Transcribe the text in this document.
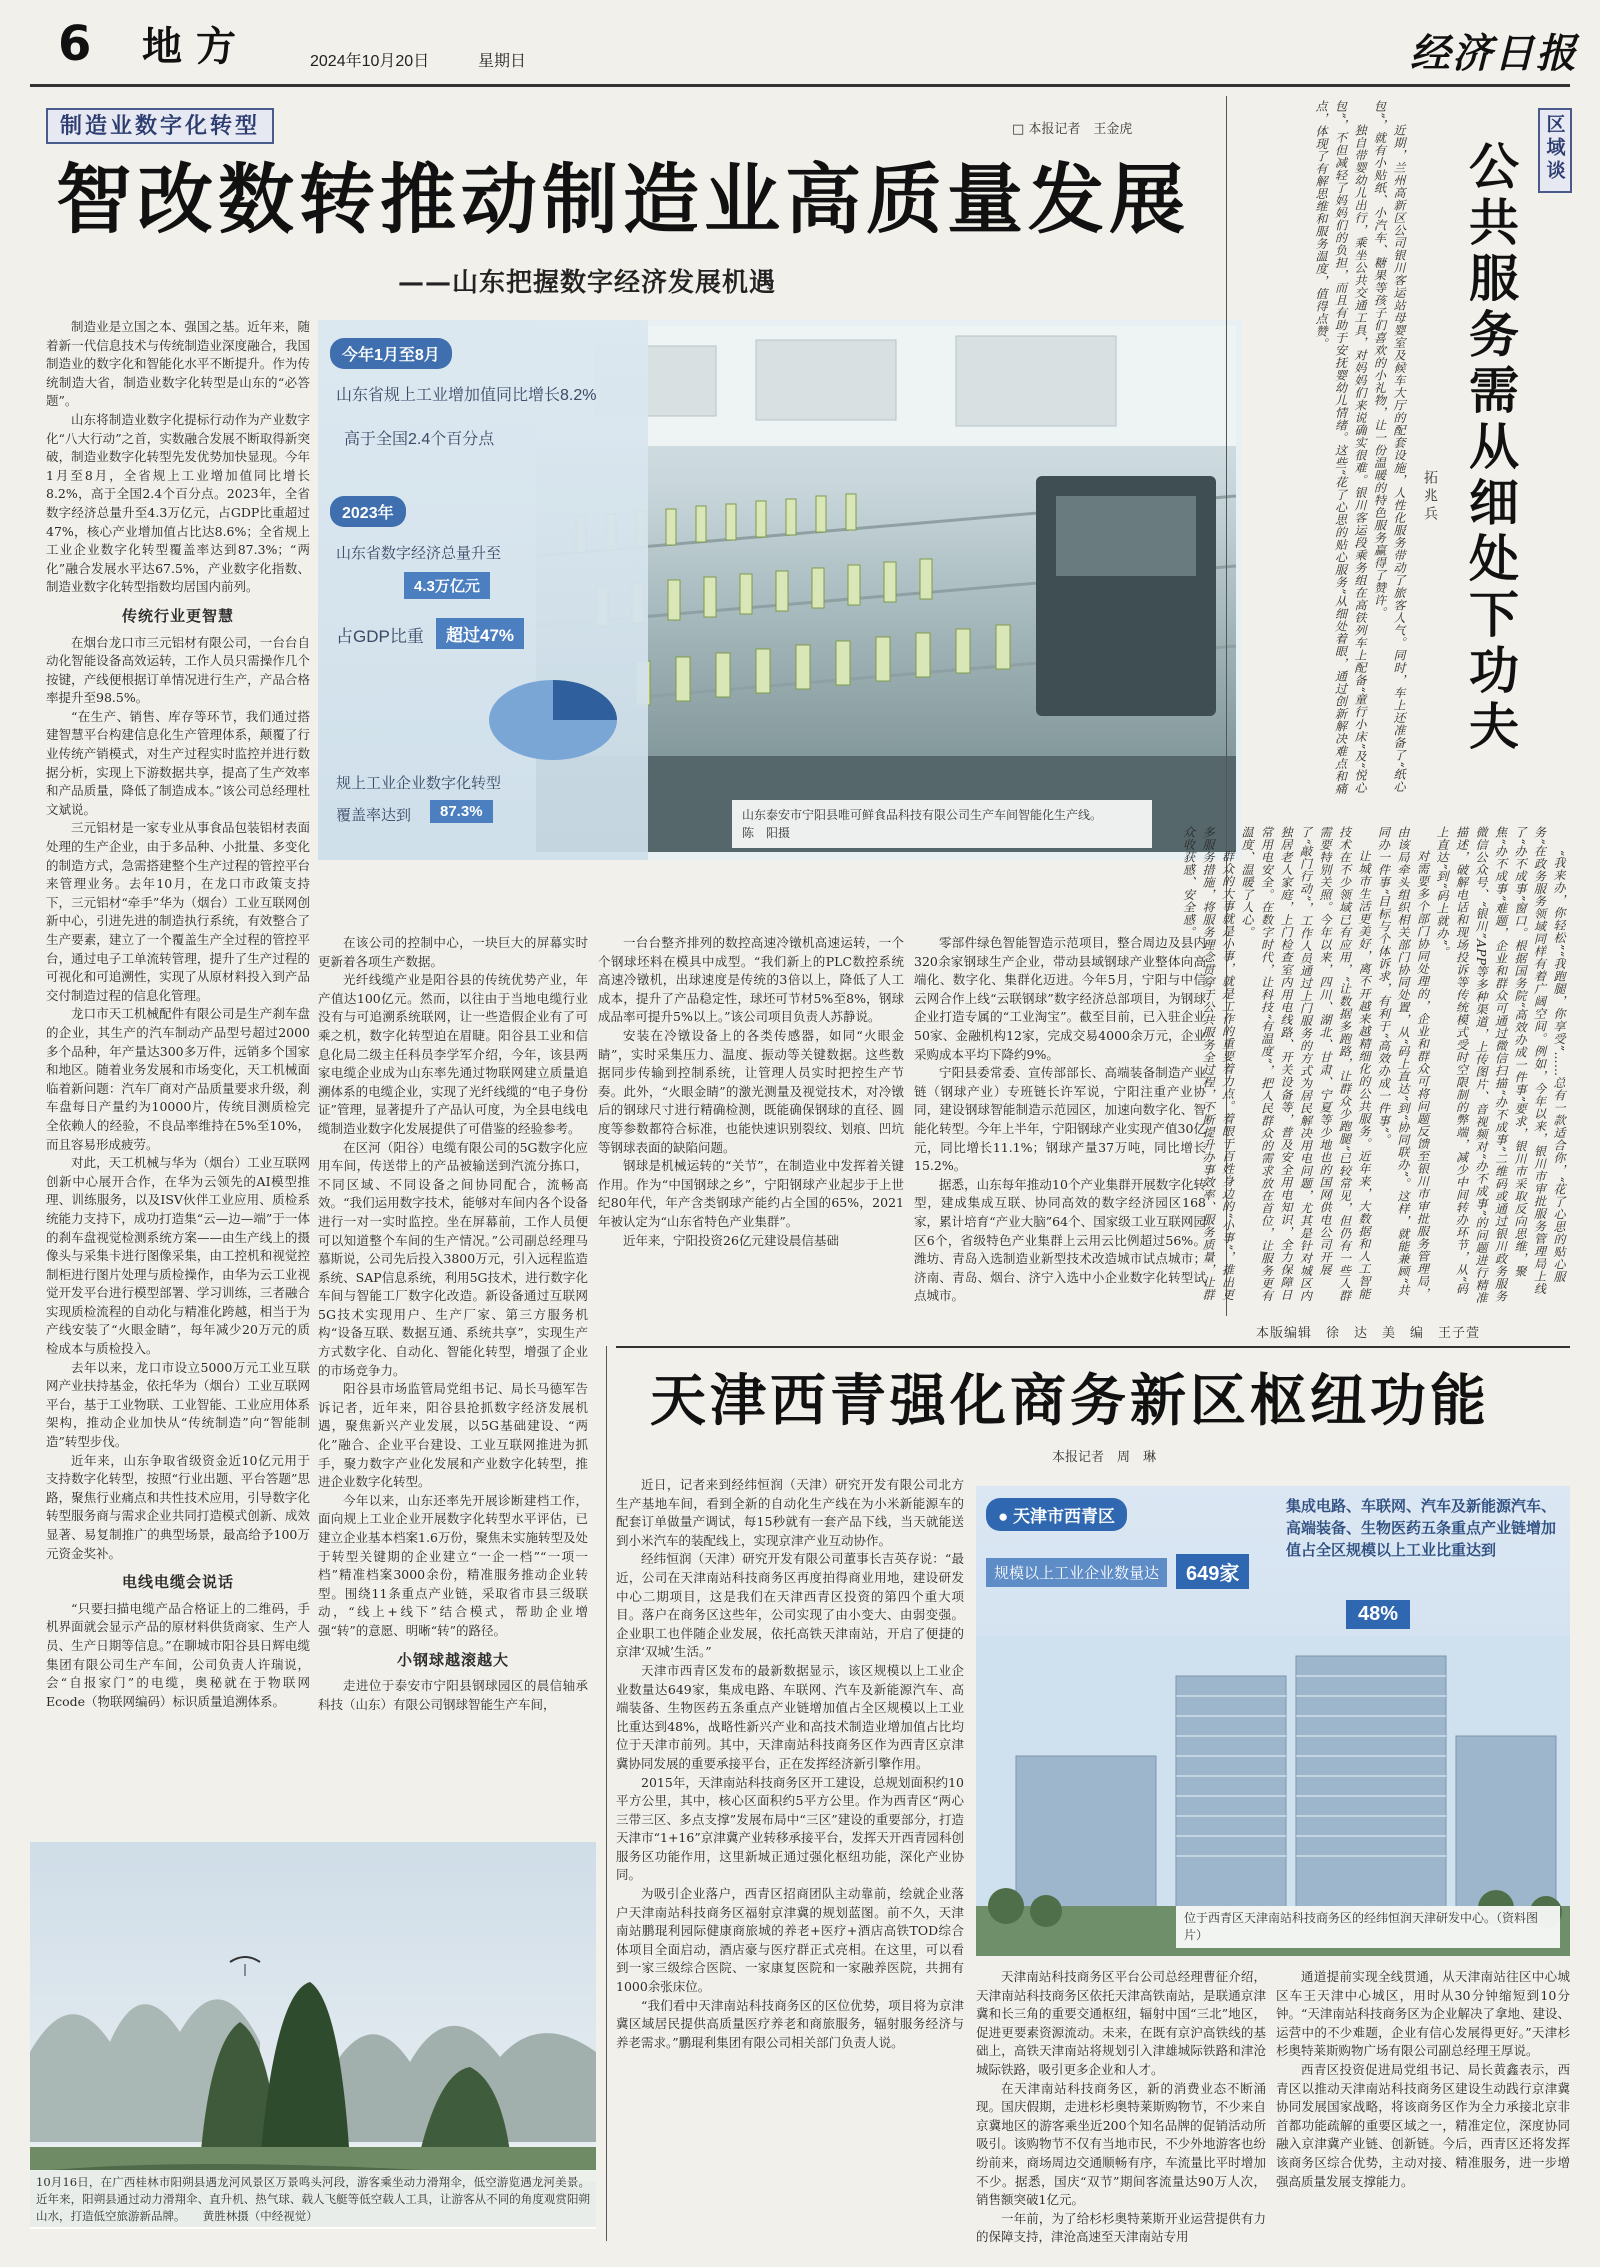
6 地方	2024年10月20日	星期日	经济日报
制造业数字化转型	□ 本报记者　王金虎
智改数转推动制造业高质量发展
——山东把握数字经济发展机遇
今年1月至8月
山东省规上工业增加值同比增长8.2%
高于全国2.4个百分点
2023年
山东省数字经济总量升至
4.3万亿元
占GDP比重	超过47%
规上工业企业数字化转型
覆盖率达到	87.3%	山东泰安市宁阳县唯可鲜食品科技有限公司生产车间智能化生产线。　　　陈　阳摄

制造业是立国之本、强国之基。近年来，随着新一代信息技术与传统制造业深度融合，我国制造业的数字化和智能化水平不断提升。作为传统制造大省，制造业数字化转型是山东的“必答题”。

山东将制造业数字化提标行动作为产业数字化“八大行动”之首，实数融合发展不断取得新突破，制造业数字化转型先发优势加快显现。今年1月至8月，全省规上工业增加值同比增长8.2%，高于全国2.4个百分点。2023年，全省数字经济总量升至4.3万亿元，占GDP比重超过47%，核心产业增加值占比达8.6%；全省规上工业企业数字化转型覆盖率达到87.3%；“两化”融合发展水平达67.5%，产业数字化指数、制造业数字化转型指数均居国内前列。

传统行业更智慧

在烟台龙口市三元铝材有限公司，一台台自动化智能设备高效运转，工作人员只需操作几个按键，产线便根据订单情况进行生产，产品合格率提升至98.5%。

“在生产、销售、库存等环节，我们通过搭建智慧平台构建信息化生产管理体系，颠覆了行业传统产销模式，对生产过程实时监控并进行数据分析，实现上下游数据共享，提高了生产效率和产品质量，降低了制造成本。”该公司总经理杜文斌说。

三元铝材是一家专业从事食品包装铝材表面处理的生产企业，由于多品种、小批量、多变化的制造方式，急需搭建整个生产过程的管控平台来管理业务。去年10月，在龙口市政策支持下，三元铝材“牵手”华为（烟台）工业互联网创新中心，引进先进的制造执行系统，有效整合了生产要素，建立了一个覆盖生产全过程的管控平台，通过电子工单流转管理，提升了生产过程的可视化和可追溯性，实现了从原材料投入到产品交付制造过程的信息化管理。

龙口市天工机械配件有限公司是生产刹车盘的企业，其生产的汽车制动产品型号超过2000多个品种，年产量达300多万件，远销多个国家和地区。随着业务发展和市场变化，天工机械面临着新问题：汽车厂商对产品质量要求升级，刹车盘每日产量约为10000片，传统目测质检完全依赖人的经验，不良品率维持在5%至10%，而且容易形成疲劳。

对此，天工机械与华为（烟台）工业互联网创新中心展开合作，在华为云领先的AI模型推理、训练服务，以及ISV伙伴工业应用、质检系统能力支持下，成功打造集“云—边—端”于一体的刹车盘视觉检测系统方案——由生产线上的摄像头与采集卡进行图像采集，由工控机和视觉控制柜进行图片处理与质检操作，由华为云工业视觉开发平台进行模型部署、学习训练，三者融合实现质检流程的自动化与精准化跨越，相当于为产线安装了“火眼金睛”，每年减少20万元的质检成本与质检投入。

去年以来，龙口市设立5000万元工业互联网产业扶持基金，依托华为（烟台）工业互联网平台，基于工业物联、工业智能、工业应用体系架构，推动企业加快从“传统制造”向“智能制造”转型步伐。

近年来，山东争取省级资金近10亿元用于支持数字化转型，按照“行业出题、平台答题”思路，聚焦行业痛点和共性技术应用，引导数字化转型服务商与需求企业共同打造模式创新、成效显著、易复制推广的典型场景，最高给予100万元资金奖补。

电线电缆会说话

“只要扫描电缆产品合格证上的二维码，手机界面就会显示产品的原材料供货商家、生产人员、生产日期等信息。”在聊城市阳谷县日辉电缆集团有限公司生产车间，公司负责人许瑞说，会“自报家门”的电缆，奥秘就在于物联网Ecode（物联网编码）标识质量追溯体系。

在该公司的控制中心，一块巨大的屏幕实时更新着各项生产数据。

光纤线缆产业是阳谷县的传统优势产业，年产值达100亿元。然而，以往由于当地电缆行业没有与可追溯系统联网，让一些造假企业有了可乘之机，数字化转型迫在眉睫。阳谷县工业和信息化局二级主任科员李学军介绍，今年，该县两家电缆企业成为山东率先通过物联网建立质量追溯体系的电缆企业，实现了光纤线缆的“电子身份证”管理，显著提升了产品认可度，为全县电线电缆制造业数字化发展提供了可借鉴的经验参考。

在区河（阳谷）电缆有限公司的5G数字化应用车间，传送带上的产品被输送到汽流分拣口，不同区域、不同设备之间协同配合，流畅高效。“我们运用数字技术，能够对车间内各个设备进行一对一实时监控。坐在屏幕前，工作人员便可以知道整个车间的生产情况。”公司副总经理马慕斯说，公司先后投入3800万元，引入远程监造系统、SAP信息系统，利用5G技术，进行数字化车间与智能工厂数字化改造。新设备通过互联网5G技术实现用户、生产厂家、第三方服务机构“设备互联、数据互通、系统共享”，实现生产方式数字化、自动化、智能化转型，增强了企业的市场竞争力。

阳谷县市场监管局党组书记、局长马德军告诉记者，近年来，阳谷县抢抓数字经济发展机遇，聚焦新兴产业发展，以5G基础建设、“两化”融合、企业平台建设、工业互联网推进为抓手，聚力数字产业化发展和产业数字化转型，推进企业数字化转型。

今年以来，山东还率先开展诊断建档工作，面向规上工业企业开展数字化转型水平评估，已建立企业基本档案1.6万份，聚焦未实施转型及处于转型关键期的企业建立“一企一档”“一项一档”精准档案3000余份，精准服务推动企业转型。围绕11条重点产业链，采取省市县三级联动，“线上+线下”结合模式，帮助企业增强“转”的意愿、明晰“转”的路径。

小钢球越滚越大

走进位于泰安市宁阳县钢球园区的晨信轴承科技（山东）有限公司钢球智能生产车间，

一台台整齐排列的数控高速冷镦机高速运转，一个个钢球坯料在模具中成型。“我们新上的PLC数控系统高速冷镦机，出球速度是传统的3倍以上，降低了人工成本，提升了产品稳定性，球坯可节材5%至8%，钢球成品率可提升5%以上。”该公司项目负责人苏静说。

安装在冷镦设备上的各类传感器，如同“火眼金睛”，实时采集压力、温度、振动等关键数据。这些数据同步传输到控制系统，让管理人员实时把控生产节奏。此外，“火眼金睛”的激光测量及视觉技术，对冷镦后的钢球尺寸进行精确检测，既能确保钢球的直径、圆度等参数都符合标准，也能快速识别裂纹、划痕、凹坑等钢球表面的缺陷问题。

钢球是机械运转的“关节”，在制造业中发挥着关键作用。作为“中国钢球之乡”，宁阳钢球产业起步于上世纪80年代，年产含类钢球产能约占全国的65%，2021年被认定为“山东省特色产业集群”。

近年来，宁阳投资26亿元建设晨信基础

零部件绿色智能智造示范项目，整合周边及县内320余家钢球生产企业，带动县域钢球产业整体向高端化、数字化、集群化迈进。今年5月，宁阳与中信云网合作上线“云联钢球”数字经济总部项目，为钢球企业打造专属的“工业淘宝”。截至目前，已入驻企业50家、金融机构12家，完成交易4000余万元，企业采购成本平均下降约9%。

宁阳县委常委、宣传部部长、高端装备制造产业链（钢球产业）专班链长许军说，宁阳注重产业协同，建设钢球智能制造示范园区，加速向数字化、智能化转型。今年上半年，宁阳钢球产业实现产值30亿元，同比增长11.1%；钢球产量37万吨，同比增长15.2%。

据悉，山东每年推动10个产业集群开展数字化转型，建成集成互联、协同高效的数字经济园区168家，累计培育“产业大脑”64个、国家级工业互联网园区6个，省级特色产业集群上云用云比例超过56%。潍坊、青岛入选制造业新型技术改造城市试点城市；济南、青岛、烟台、济宁入选中小企业数字化转型试点城市。

10月16日，在广西桂林市阳朔县遇龙河风景区万景鸣头河段，游客乘坐动力滑翔伞，低空游览遇龙河美景。近年来，阳朔县通过动力滑翔伞、直升机、热气球、载人飞艇等低空载人工具，让游客从不同的角度观赏阳朔山水，打造低空旅游新品牌。　　黄胜林摄（中经视觉）
区域谈
公共服务需从细处下功夫
拓兆兵

近期，兰州高新区公司银川客运站母婴室及候车大厅的配套设施，人性化服务带动了旅客人气。同时，车上还准备了“纸心包”，就有小贴纸、小汽车、糖果等孩子们喜欢的小礼物，让一份温暖的特色服务赢得了赞许。

独自带婴幼儿出行，乘坐公共交通工具，对妈妈们来说确实很难。银川客运段乘务组在高铁列车上配备“童行小床”及“悦心包”，不但减轻了妈妈们的负担，而且有助于安抚婴幼儿情绪。这些“花了心思的贴心服务”从细处着眼，通过创新解决难点和痛点，体现了有解思维和服务温度，值得点赞。

“我来办，你轻松”“我跑腿，你享受”……总有一款适合你，“花了心思的贴心服务”在政务服务领域同样有着广阔空间。例如，今年以来，银川市审批服务管理局上线了“办不成事”窗口。根据国务院“高效办成一件事”要求，银川市采取反向思维，聚焦“办不成事”难题，企业和群众可通过微信扫描“办不成事”二维码或通过银川政务服务微信公众号、“银川”APP等多种渠道，上传图片、音视频对“办不成事”的问题进行精准描述，破解电话和现场投诉等传统模式受时空限制的弊端，减少中间转办环节，从“码上直达”到“码上就办”。

对需要多个部门协同处理的，企业和群众可将问题反馈至银川市审批服务管理局，由该局牵头组织相关部门协同处置，从“码上直达”到“协同联办”。这样，就能兼顾“共同办一件事”目标与个体诉求，有利于“高效办成一件事”。

让城市生活更美好，离不开越来越精细化的公共服务。近年来，大数据和人工智能技术在不少领域已有应用，“让数据多跑路，让群众少跑腿”已较常见，但仍有一些人群需要特别关照。今年以来，四川、湖北、甘肃、宁夏等少地也的国网供电公司开展了“敲门行动”，工作人员通过上门服务的方式为居民解决用电问题，尤其是针对城区内独居老人家庭，上门检查室内用电线路、开关设备等，普及安全用电知识，全力保障日常用电安全。在数字时代，让科技“有温度”，把人民群众的需求放在首位，让服务更有温度、温暖了人心。

群众的大事就是小事，就是工作的重要着力点。着眼于百姓身边的“小事”，推出更多服务措施，将服务理念贯穿于公共服务全过程，不断提升办事效率、服务质量，让群众收获感、安全感。

本版编辑　徐　达　美　编　王子萱
天津西青强化商务新区枢纽功能
本报记者　周　琳

近日，记者来到经纬恒润（天津）研究开发有限公司北方生产基地车间，看到全新的自动化生产线在为小米新能源车的配套订单做量产调试，每15秒就有一套产品下线，当天就能送到小米汽车的装配线上，实现京津产业互动协作。

经纬恒润（天津）研究开发有限公司董事长吉英存说：“最近，公司在天津南站科技商务区再度拍得商业用地，建设研发中心二期项目，这是我们在天津西青区投资的第四个重大项目。落户在商务区这些年，公司实现了由小变大、由弱变强。企业职工也伴随企业发展，依托高铁天津南站，开启了便捷的京津‘双城’生活。”

天津市西青区发布的最新数据显示，该区规模以上工业企业数量达649家，集成电路、车联网、汽车及新能源汽车、高端装备、生物医药五条重点产业链增加值占全区规模以上工业比重达到48%，战略性新兴产业和高技术制造业增加值占比均位于天津市前列。其中，天津南站科技商务区作为西青区京津冀协同发展的重要承接平台，正在发挥经济新引擎作用。

2015年，天津南站科技商务区开工建设，总规划面积约10平方公里，其中，核心区面积约5平方公里。作为西青区“两心三带三区、多点支撑”发展布局中“三区”建设的重要部分，打造天津市“1+16”京津冀产业转移承接平台，发挥天开西青园科创服务区功能作用，这里新城正通过强化枢纽功能，深化产业协同。

为吸引企业落户，西青区招商团队主动靠前，绘就企业落户天津南站科技商务区福射京津冀的规划蓝图。前不久，天津南站鹏琨利园际健康商旅城的养老+医疗+酒店高铁TOD综合体项目全面启动，酒店豪与医疗群正式亮相。在这里，可以看到一家三级综合医院、一家康复医院和一家融养医院，共拥有1000余张床位。

“我们看中天津南站科技商务区的区位优势，项目将为京津冀区域居民提供高质量医疗养老和商旅服务，辐射服务经济与养老需求。”鹏琨利集团有限公司相关部门负责人说。

● 天津市西青区
规模以上工业企业数量达	649家
集成电路、车联网、汽车及新能源汽车、高端装备、生物医药五条重点产业链增加值占全区规模以上工业比重达到
48%
位于西青区天津南站科技商务区的经纬恒润天津研发中心。（资料图片）

天津南站科技商务区平台公司总经理曹征介绍，天津南站科技商务区依托天津高铁南站，是联通京津冀和长三角的重要交通枢纽，辐射中国“三北”地区，促进更要素资源流动。未来，在既有京沪高铁线的基础上，高铁天津南站将规划引入津雄城际铁路和津沧城际铁路，吸引更多企业和人才。

在天津南站科技商务区，新的消费业态不断涌现。国庆假期，走进杉杉奥特莱斯购物节，不少来自京冀地区的游客乘坐近200个知名品牌的促销活动所吸引。该购物节不仅有当地市民，不少外地游客也纷纷前来，商场周边交通顺畅有序，车流量比平时增加不少。据悉，国庆“双节”期间客流量达90万人次，销售额突破1亿元。

一年前，为了给杉杉奥特莱斯开业运营提供有力的保障支持，津沧高速至天津南站专用

通道提前实现全线贯通，从天津南站往区中心城区车王天津中心城区，用时从30分钟缩短到10分钟。“天津南站科技商务区为企业解决了拿地、建设、运营中的不少难题，企业有信心发展得更好。”天津杉杉奥特莱斯购物广场有限公司副总经理王厚说。

西青区投资促进局党组书记、局长黄鑫表示，西青区以推动天津南站科技商务区建设生动践行京津冀协同发展国家战略，将该商务区作为全力承接北京非首都功能疏解的重要区域之一，精准定位，深度协同融入京津冀产业链、创新链。今后，西青区还将发挥该商务区综合优势，主动对接、精准服务，进一步增强高质量发展支撑能力。
